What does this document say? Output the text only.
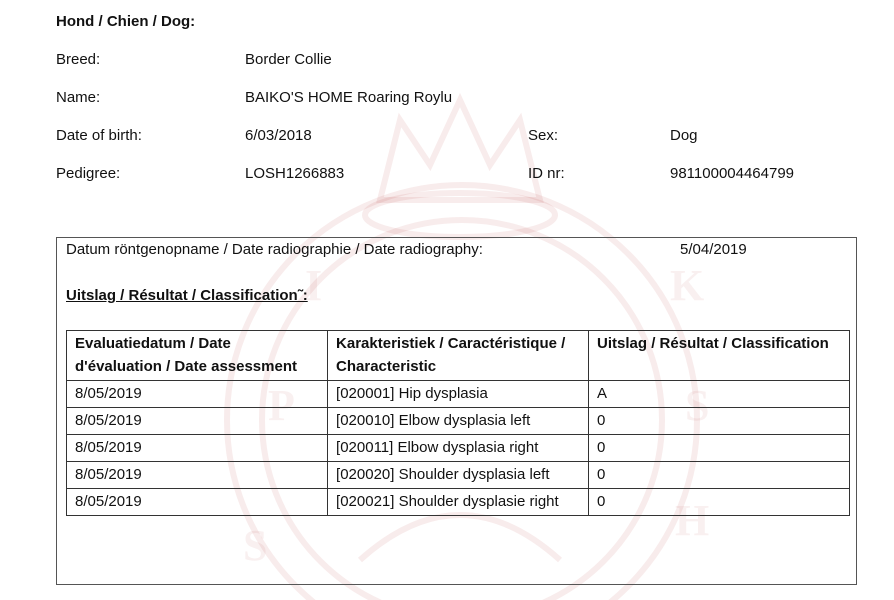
S
P
I	K
S
H
Hond / Chien / Dog:
Breed:	Border Collie
Name:	BAIKO'S HOME Roaring Roylu
Date of birth:	6/03/2018	Sex:	Dog
Pedigree:	LOSH1266883	ID nr:	981100004464799
Datum röntgenopname / Date radiographie / Date radiography:	5/04/2019
Uitslag / Résultat / Classification˜:
Evaluatiedatum / Date d'évaluation / Date assessment	Karakteristiek / Caractéristique / Characteristic	Uitslag / Résultat / Classification
8/05/2019	[020001] Hip dysplasia	A
8/05/2019	[020010] Elbow dysplasia left	0
8/05/2019	[020011] Elbow dysplasia right	0
8/05/2019	[020020] Shoulder dysplasia left	0
8/05/2019	[020021] Shoulder dysplasie right	0
